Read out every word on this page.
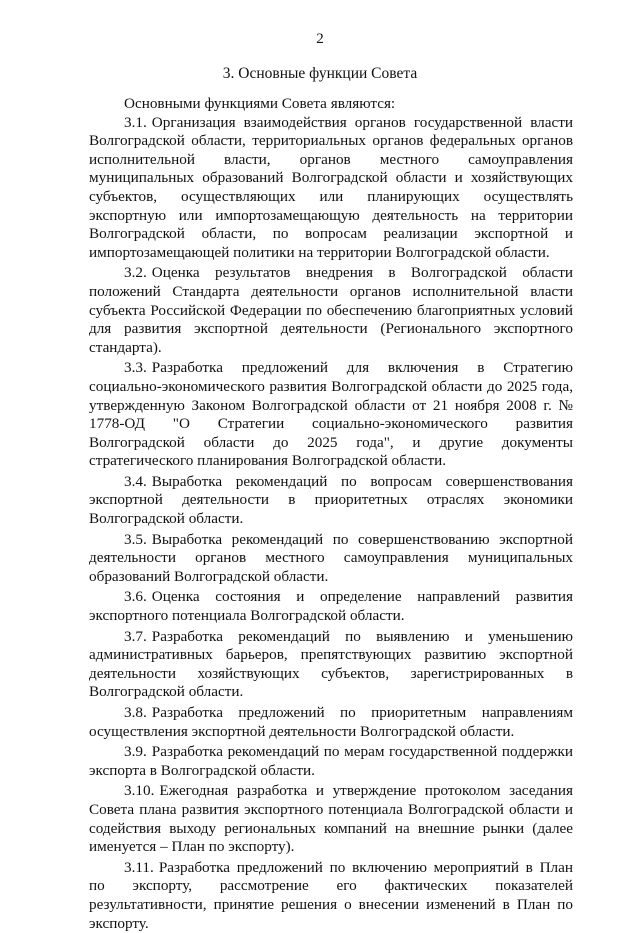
2
3. Основные функции Совета

Основными функциями Совета являются:

3.1. Организация взаимодействия органов государственной власти Волгоградской области, территориальных органов федеральных органов исполнительной власти, органов местного самоуправления муниципальных образований Волгоградской области и хозяйствующих субъектов, осуществляющих или планирующих осуществлять экспортную или импортозамещающую деятельность на территории Волгоградской области, по вопросам реализации экспортной и импортозамещающей политики на территории Волгоградской области.

3.2. Оценка результатов внедрения в Волгоградской области положений Стандарта деятельности органов исполнительной власти субъекта Российской Федерации по обеспечению благоприятных условий для развития экспортной деятельности (Регионального экспортного стандарта).

3.3. Разработка предложений для включения в Стратегию социально-экономического развития Волгоградской области до 2025 года, утвержденную Законом Волгоградской области от 21 ноября 2008 г. № 1778-ОД "О Стратегии социально-экономического развития Волгоградской области до 2025 года", и другие документы стратегического планирования Волгоградской области.

3.4. Выработка рекомендаций по вопросам совершенствования экспортной деятельности в приоритетных отраслях экономики Волгоградской области.

3.5. Выработка рекомендаций по совершенствованию экспортной деятельности органов местного самоуправления муниципальных образований Волгоградской области.

3.6. Оценка состояния и определение направлений развития экспортного потенциала Волгоградской области.

3.7. Разработка рекомендаций по выявлению и уменьшению административных барьеров, препятствующих развитию экспортной деятельности хозяйствующих субъектов, зарегистрированных в Волгоградской области.

3.8. Разработка предложений по приоритетным направлениям осуществления экспортной деятельности Волгоградской области.

3.9. Разработка рекомендаций по мерам государственной поддержки экспорта в Волгоградской области.

3.10. Ежегодная разработка и утверждение протоколом заседания Совета плана развития экспортного потенциала Волгоградской области и содействия выходу региональных компаний на внешние рынки (далее именуется – План по экспорту).

3.11. Разработка предложений по включению мероприятий в План по экспорту, рассмотрение его фактических показателей результативности, принятие решения о внесении изменений в План по экспорту.
